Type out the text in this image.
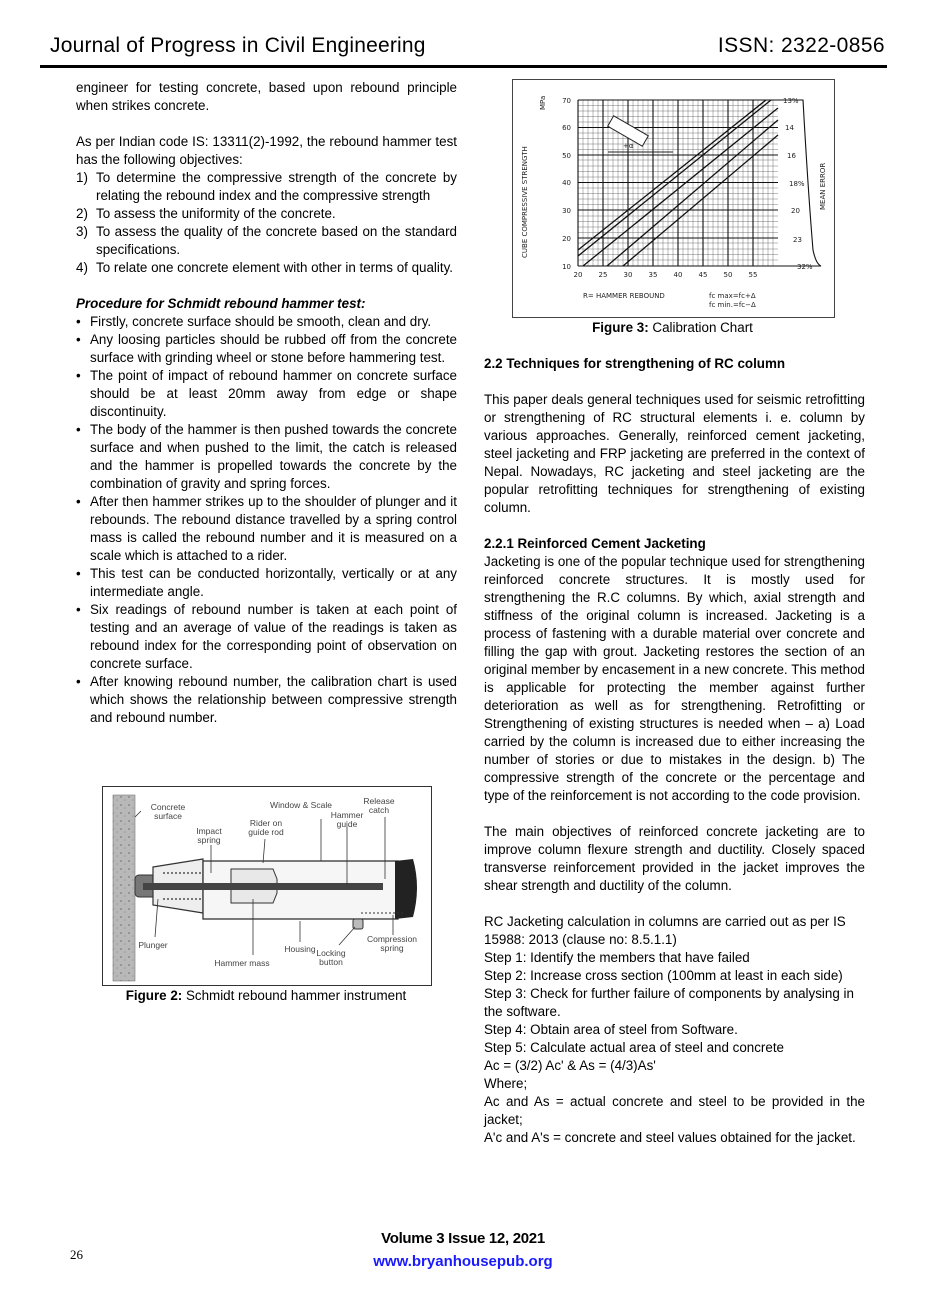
Journal of Progress in Civil Engineering	ISSN: 2322-0856

engineer for testing concrete, based upon rebound principle when strikes concrete.

As per Indian code IS: 13311(2)-1992, the rebound hammer test has the following objectives:

1) To determine the compressive strength of the concrete by relating the rebound index and the compressive strength
2) To assess the uniformity of the concrete.
3) To assess the quality of the concrete based on the standard specifications.
4) To relate one concrete element with other in terms of quality.

Procedure for Schmidt rebound hammer test:

• Firstly, concrete surface should be smooth, clean and dry.
• Any loosing particles should be rubbed off from the concrete surface with grinding wheel or stone before hammering test.
• The point of impact of rebound hammer on concrete surface should be at least 20mm away from edge or shape discontinuity.
• The body of the hammer is then pushed towards the concrete surface and when pushed to the limit, the catch is released and the hammer is propelled towards the concrete by the combination of gravity and spring forces.
• After then hammer strikes up to the shoulder of plunger and it rebounds. The rebound distance travelled by a spring control mass is called the rebound number and it is measured on a scale which is attached to a rider.
• This test can be conducted horizontally, vertically or at any intermediate angle.
• Six readings of rebound number is taken at each point of testing and an average of value of the readings is taken as rebound index for the corresponding point of observation on concrete surface.
• After knowing rebound number, the calibration chart is used which shows the relationship between compressive strength and rebound number.
Concrete surface
Window & Scale	Release catch
Rider on guide rod
Hammer guide
Impact spring
Plunger	Housing
Hammer mass
Locking button
Compression spring
Figure 2: Schmidt rebound hammer instrument
+α
70
60
50
40
30
20
10
20 25 30 35 40 45 50 55
13%
14
16
18%
20
23
32%
CUBE COMPRESSIVE STRENGTH
MPa
MEAN ERROR
R= HAMMER REBOUND	fc max=fc+Δ
fc min.=fc−Δ
Figure 3: Calibration Chart

2.2 Techniques for strengthening of RC column

This paper deals general techniques used for seismic retrofitting or strengthening of RC structural elements i. e. column by various approaches. Generally, reinforced cement jacketing, steel jacketing and FRP jacketing are preferred in the context of Nepal. Nowadays, RC jacketing and steel jacketing are the popular retrofitting techniques for strengthening of existing column.

2.2.1 Reinforced Cement Jacketing

Jacketing is one of the popular technique used for strengthening reinforced concrete structures. It is mostly used for strengthening the R.C columns. By which, axial strength and stiffness of the original column is increased. Jacketing is a process of fastening with a durable material over concrete and filling the gap with grout. Jacketing restores the section of an original member by encasement in a new concrete. This method is applicable for protecting the member against further deterioration as well as for strengthening. Retrofitting or Strengthening of existing structures is needed when – a) Load carried by the column is increased due to either increasing the number of stories or due to mistakes in the design. b) The compressive strength of the concrete or the percentage and type of the reinforcement is not according to the code provision.

The main objectives of reinforced concrete jacketing are to improve column flexure strength and ductility. Closely spaced transverse reinforcement provided in the jacket improves the shear strength and ductility of the column.

RC Jacketing calculation in columns are carried out as per IS 15988: 2013 (clause no: 8.5.1.1)

Step 1: Identify the members that have failed

Step 2: Increase cross section (100mm at least in each side)

Step 3: Check for further failure of components by analysing in the software.

Step 4: Obtain area of steel from Software.

Step 5: Calculate actual area of steel and concrete

Ac = (3/2) Ac' & As = (4/3)As'

Where;

Ac and As = actual concrete and steel to be provided in the jacket;

A'c and A's = concrete and steel values obtained for the jacket.

26
Volume 3 Issue 12, 2021
www.bryanhousepub.org
